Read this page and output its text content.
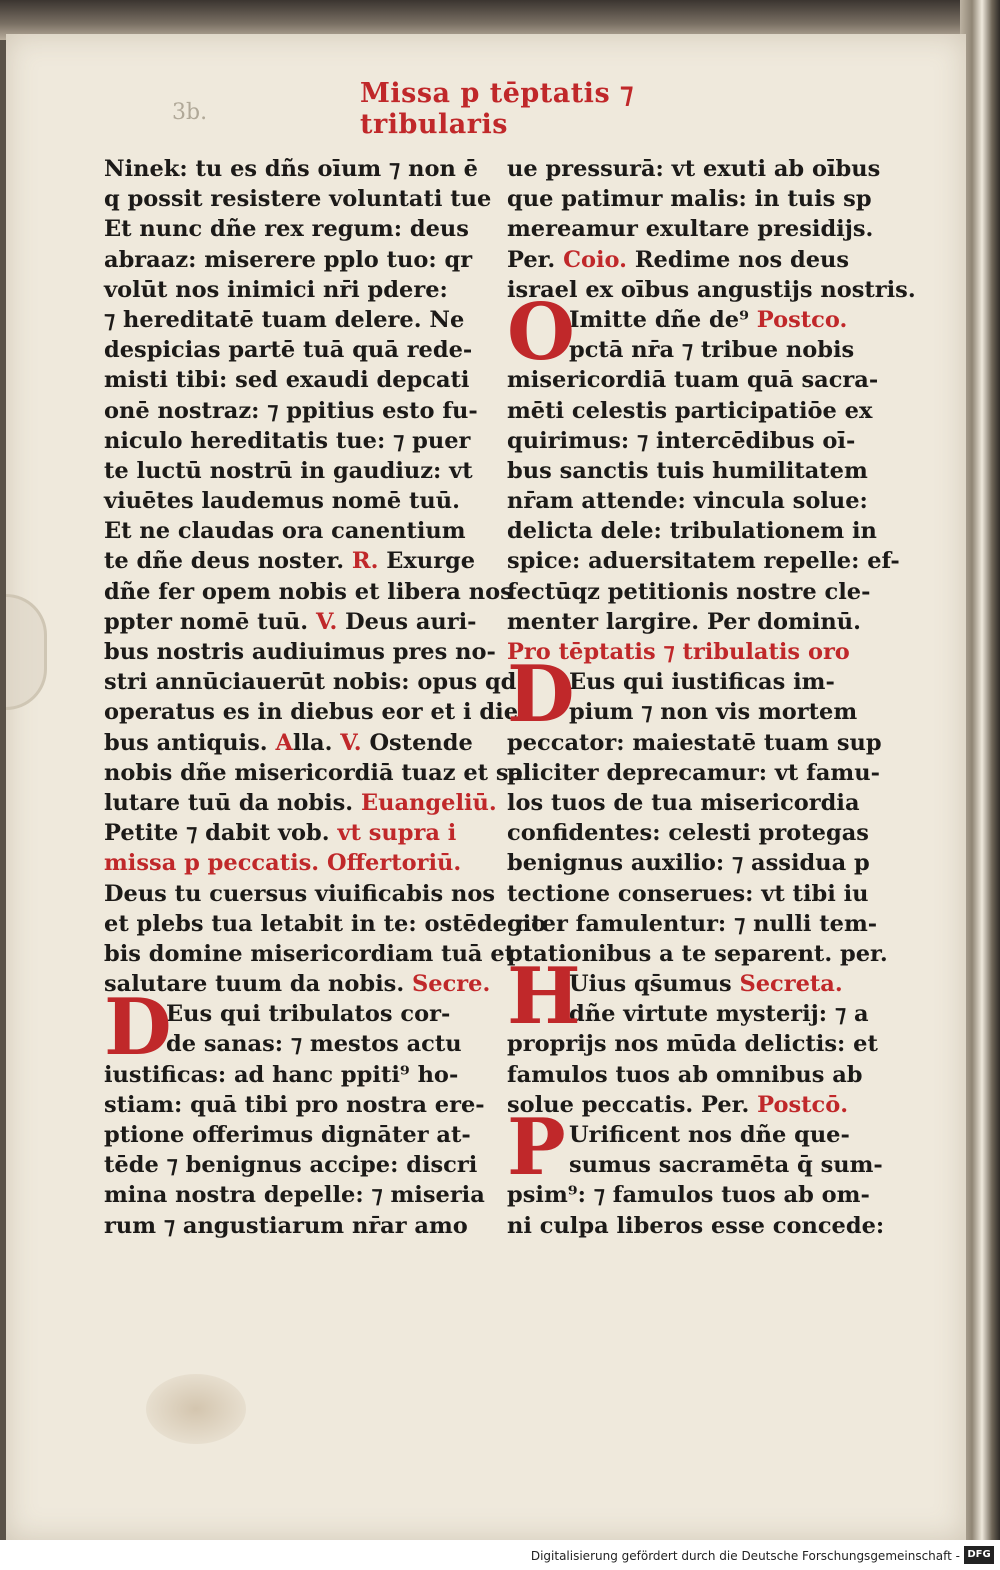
3b.
Missa p tēptatis ⁊ tribularis
Ninek: tu es dñs oīum ⁊ non ē
q possit resistere voluntati tue
Et nunc dñe rex regum: deus
abraaz: miserere pplo tuo: qr
volūt nos inimici nr̄i pdere:
⁊ hereditatē tuam delere. Ne
despicias partē tuā quā rede-
misti tibi: sed exaudi depcati
onē nostraz: ⁊ ppitius esto fu-
niculo hereditatis tue: ⁊ puer
te luctū nostrū in gaudiuz: vt
viuētes laudemus nomē tuū.
Et ne claudas ora canentium
te dñe deus noster. R. Exurge
dñe fer opem nobis et libera nos
ppter nomē tuū. V. Deus auri-
bus nostris audiuimus pres no-
stri annūciauerūt nobis: opus qd
operatus es in diebus eor et i die-
bus antiquis. Alla. V. Ostende
nobis dñe misericordiā tuaz et sa
lutare tuū da nobis. Euangeliū.
Petite ⁊ dabit vob. vt supra i
missa p peccatis. Offertoriū.
Deus tu cuersus viuificabis nos
et plebs tua letabit in te: ostēde no
bis domine misericordiam tuā et
salutare tuum da nobis. Secre.
D
Eus qui tribulatos cor-
de sanas: ⁊ mestos actu
iustificas: ad hanc ppiti⁹ ho-
stiam: quā tibi pro nostra ere-
ptione offerimus dignāter at-
tēde ⁊ benignus accipe: discri
mina nostra depelle: ⁊ miseria
rum ⁊ angustiarum nr̄ar amo
ue pressurā: vt exuti ab oībus
que patimur malis: in tuis sp
mereamur exultare presidijs.
Per. Coio. Redime nos deus
israel ex oībus angustijs nostris.
O
Imitte dñe de⁹ Postco.
pctā nr̄a ⁊ tribue nobis
misericordiā tuam quā sacra-
mēti celestis participatiōe ex
quirimus: ⁊ intercēdibus oī-
bus sanctis tuis humilitatem
nr̄am attende: vincula solue:
delicta dele: tribulationem in
spice: aduersitatem repelle: ef-
fectūqz petitionis nostre cle-
menter largire. Per dominū.
Pro tēptatis ⁊ tribulatis oro
D
Eus qui iustificas im-
pium ⁊ non vis mortem
peccator: maiestatē tuam sup
pliciter deprecamur: vt famu-
los tuos de tua misericordia
confidentes: celesti protegas
benignus auxilio: ⁊ assidua p
tectione conserues: vt tibi iu
giter famulentur: ⁊ nulli tem-
ptationibus a te separent. per.
H
Uius qs̄umus Secreta.
dñe virtute mysterij: ⁊ a
proprijs nos mūda delictis: et
famulos tuos ab omnibus ab
solue peccatis. Per. Postcō.
P Urificent nos dñe que-
sumus sacramēta q̄ sum-
psim⁹: ⁊ famulos tuos ab om-
ni culpa liberos esse concede:
Digitalisierung gefördert durch die Deutsche Forschungsgemeinschaft - DFG
